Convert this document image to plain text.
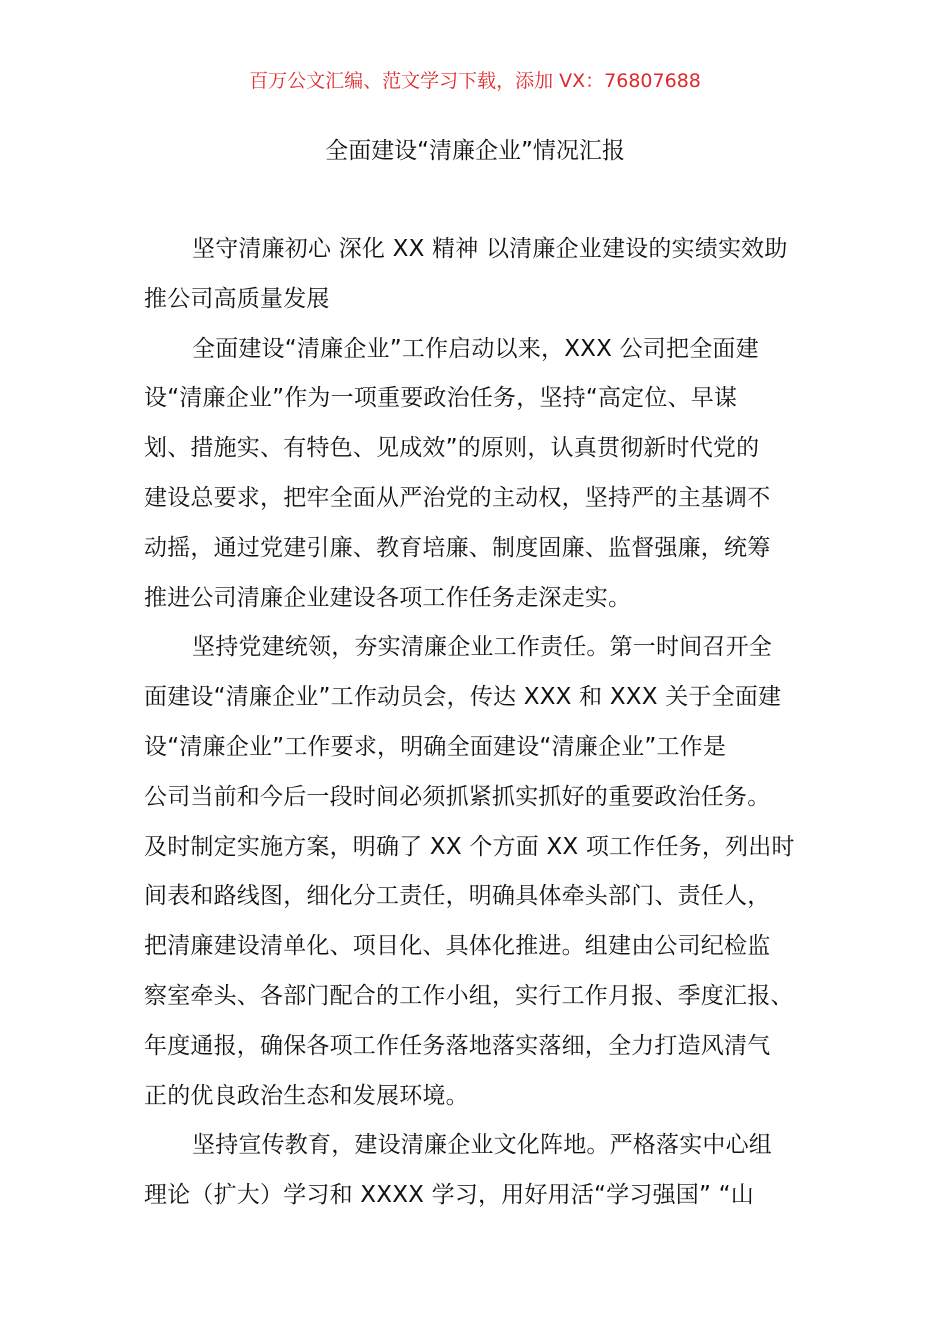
百万公文汇编、范文学习下载，添加 VX：76807688
全面建设“清廉企业”情况汇报
坚守清廉初心 深化 XX 精神 以清廉企业建设的实绩实效助
推公司高质量发展
全面建设“清廉企业”工作启动以来，XXX 公司把全面建
设“清廉企业”作为一项重要政治任务，坚持“高定位、早谋
划、措施实、有特色、见成效”的原则，认真贯彻新时代党的
建设总要求，把牢全面从严治党的主动权，坚持严的主基调不
动摇，通过党建引廉、教育培廉、制度固廉、监督强廉，统筹
推进公司清廉企业建设各项工作任务走深走实。
坚持党建统领，夯实清廉企业工作责任。第一时间召开全
面建设“清廉企业”工作动员会，传达 XXX 和 XXX 关于全面建
设“清廉企业”工作要求，明确全面建设“清廉企业”工作是
公司当前和今后一段时间必须抓紧抓实抓好的重要政治任务。
及时制定实施方案，明确了 XX 个方面 XX 项工作任务，列出时
间表和路线图，细化分工责任，明确具体牵头部门、责任人，
把清廉建设清单化、项目化、具体化推进。组建由公司纪检监
察室牵头、各部门配合的工作小组，实行工作月报、季度汇报、
年度通报，确保各项工作任务落地落实落细，全力打造风清气
正的优良政治生态和发展环境。
坚持宣传教育，建设清廉企业文化阵地。严格落实中心组
理论（扩大）学习和 XXXX 学习，用好用活“学习强国” “山
